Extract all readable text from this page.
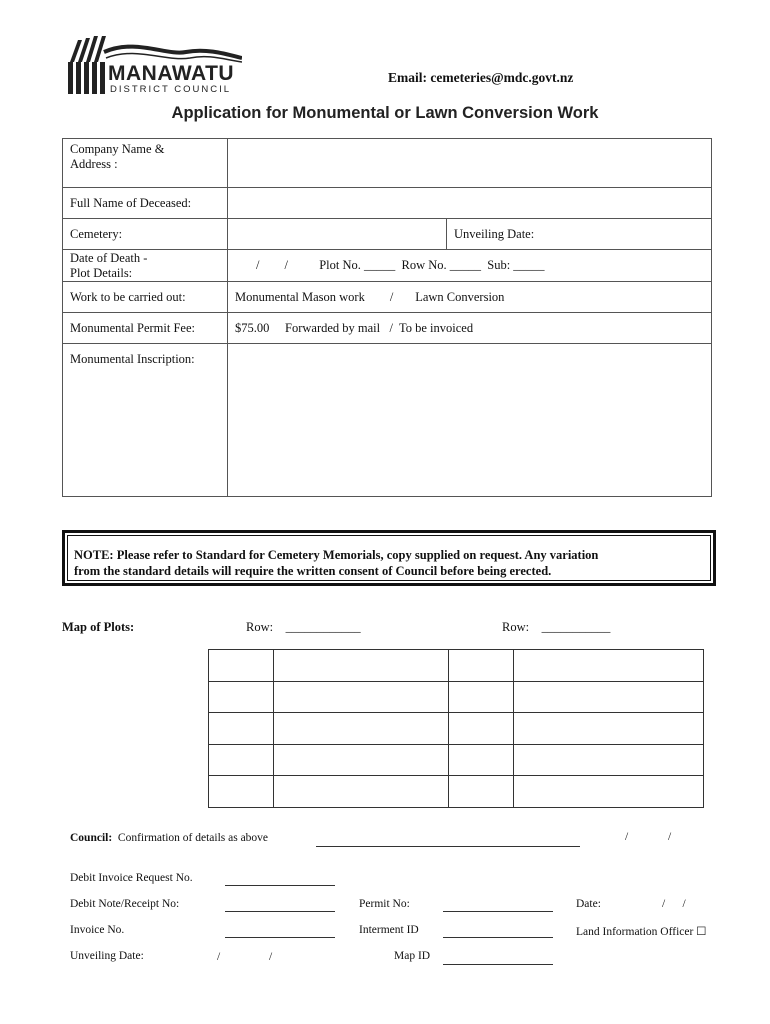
MANAWATU
DISTRICT COUNCIL
Email: cemeteries@mdc.govt.nz
Application for Monumental or Lawn Conversion Work
Company Name &
Address :		

Full Name of Deceased:		
Cemetery:		Unveiling Date:

Date of Death -
Plot Details:	/        /          Plot No. _____  Row No. _____  Sub: _____	
Work to be carried out:	Monumental Mason work        /       Lawn Conversion	
Monumental Permit Fee:	$75.00     Forwarded by mail   /  To be invoiced	
Monumental Inscription:		
NOTE: Please refer to Standard for Cemetery Memorials, copy supplied on request. Any variation
from the standard details will require the written consent of Council before being erected.
Map of Plots:	Row:    ____________	Row:    ___________

Council: Confirmation of details as above	/	/
Debit Invoice Request No.
Debit Note/Receipt No:	Permit No:	Date:	/      /
Invoice No.	Interment ID	Land Information Officer ☐
Unveiling Date:	/	/	Map ID
